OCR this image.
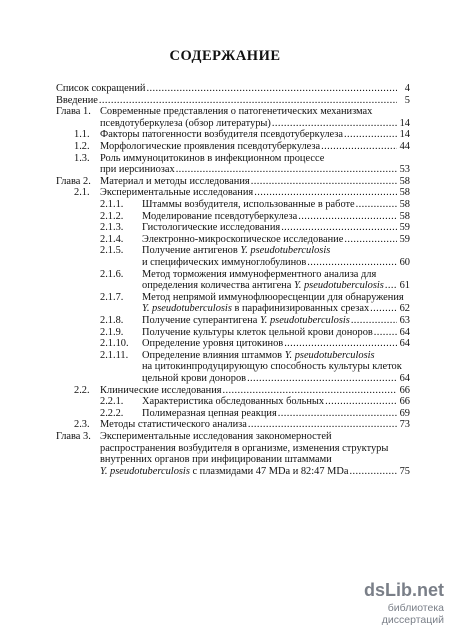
СОДЕРЖАНИЕ
Список сокращений .....	4
Введение .....	5
Глава 1. Современные представления о патогенетических механизмах
псевдотуберкулеза (обзор литературы) .....	14
1.1. Факторы патогенности возбудителя псевдотуберкулеза .....	14
1.2. Морфологические проявления псевдотуберкулеза .....	44
1.3. Роль иммуноцитокинов в инфекционном процессе
при иерсиниозах .....	53
Глава 2. Материал и методы исследования .....	58
2.1. Экспериментальные исследования .....	58
2.1.1. Штаммы возбудителя, использованные в работе .....	58
2.1.2. Моделирование псевдотуберкулеза .....	58
2.1.3. Гистологические исследования .....	59
2.1.4. Электронно-микроскопическое исследование .....	59
2.1.5. Получение антигенов Y. pseudotuberculosis
и специфических иммуноглобулинов .....	60
2.1.6. Метод торможения иммуноферментного анализа для
определения количества антигена Y. pseudotuberculosis ..... 61
2.1.7. Метод непрямой иммунофлюоресценции для обнаружения
Y. pseudotuberculosis в парафинизированных срезах .....	62
2.1.8. Получение суперантигена Y. pseudotuberculosis .....	63
2.1.9. Получение культуры клеток цельной крови доноров .....	64
2.1.10. Определение уровня цитокинов .....	64
2.1.11. Определение влияния штаммов Y. pseudotuberculosis
на цитокинпродуцирующую способность культуры клеток
цельной крови доноров .....	64
2.2. Клинические исследования .....	66
2.2.1. Характеристика обследованных больных .....	66
2.2.2. Полимеразная цепная реакция .....	69
2.3. Методы статистического анализа .....	73
Глава 3. Экспериментальные исследования закономерностей
распространения возбудителя в организме, изменения структуры
внутренних органов при инфицировании штаммами
Y. pseudotuberculosis с плазмидами 47 MDa и 82:47 MDa .....	75
dsLib.net
библиотека диссертаций
